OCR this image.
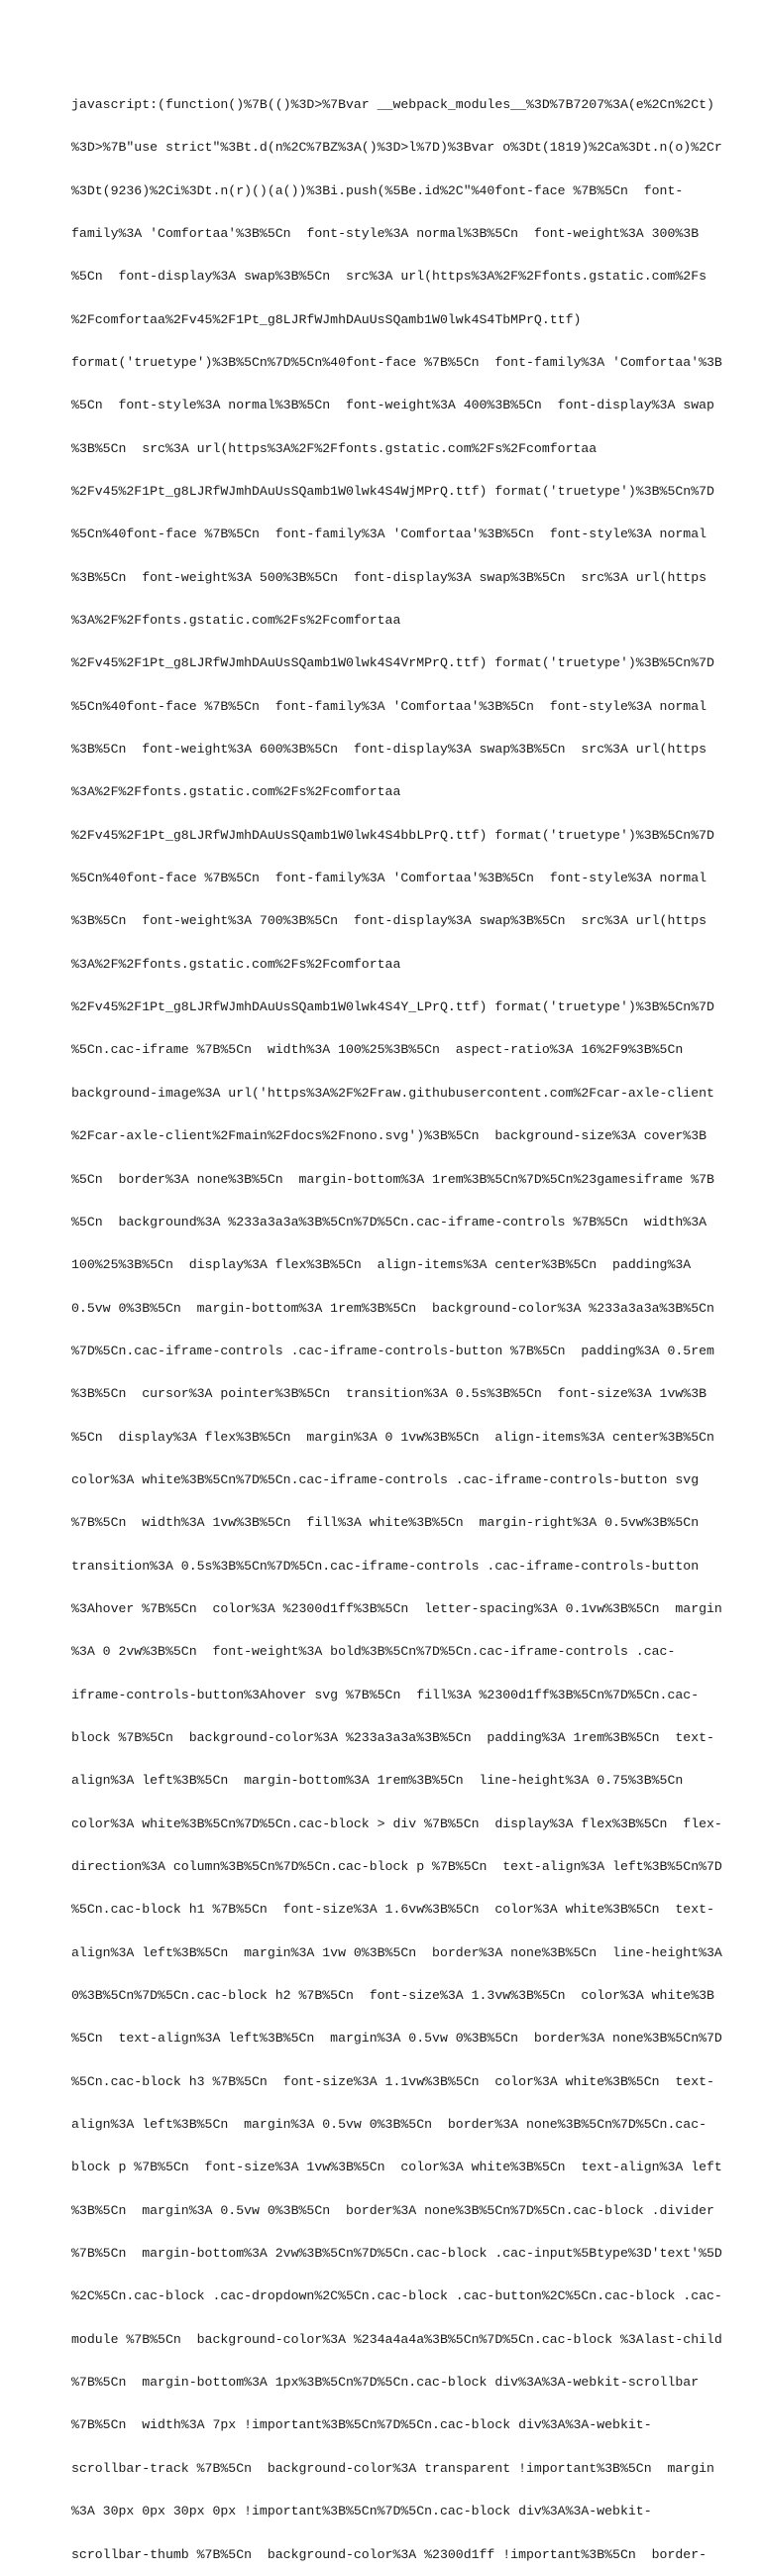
javascript:(function()%7B(()%3D>%7Bvar __webpack_modules__%3D%7B7207%3A(e%2Cn%2Ct)

%3D>%7B"use strict"%3Bt.d(n%2C%7BZ%3A()%3D>l%7D)%3Bvar o%3Dt(1819)%2Ca%3Dt.n(o)%2Cr

%3Dt(9236)%2Ci%3Dt.n(r)()(a())%3Bi.push(%5Be.id%2C"%40font-face %7B%5Cn  font-

family%3A 'Comfortaa'%3B%5Cn  font-style%3A normal%3B%5Cn  font-weight%3A 300%3B

%5Cn  font-display%3A swap%3B%5Cn  src%3A url(https%3A%2F%2Ffonts.gstatic.com%2Fs

%2Fcomfortaa%2Fv45%2F1Pt_g8LJRfWJmhDAuUsSQamb1W0lwk4S4TbMPrQ.ttf)

format('truetype')%3B%5Cn%7D%5Cn%40font-face %7B%5Cn  font-family%3A 'Comfortaa'%3B

%5Cn  font-style%3A normal%3B%5Cn  font-weight%3A 400%3B%5Cn  font-display%3A swap

%3B%5Cn  src%3A url(https%3A%2F%2Ffonts.gstatic.com%2Fs%2Fcomfortaa

%2Fv45%2F1Pt_g8LJRfWJmhDAuUsSQamb1W0lwk4S4WjMPrQ.ttf) format('truetype')%3B%5Cn%7D

%5Cn%40font-face %7B%5Cn  font-family%3A 'Comfortaa'%3B%5Cn  font-style%3A normal

%3B%5Cn  font-weight%3A 500%3B%5Cn  font-display%3A swap%3B%5Cn  src%3A url(https

%3A%2F%2Ffonts.gstatic.com%2Fs%2Fcomfortaa

%2Fv45%2F1Pt_g8LJRfWJmhDAuUsSQamb1W0lwk4S4VrMPrQ.ttf) format('truetype')%3B%5Cn%7D

%5Cn%40font-face %7B%5Cn  font-family%3A 'Comfortaa'%3B%5Cn  font-style%3A normal

%3B%5Cn  font-weight%3A 600%3B%5Cn  font-display%3A swap%3B%5Cn  src%3A url(https

%3A%2F%2Ffonts.gstatic.com%2Fs%2Fcomfortaa

%2Fv45%2F1Pt_g8LJRfWJmhDAuUsSQamb1W0lwk4S4bbLPrQ.ttf) format('truetype')%3B%5Cn%7D

%5Cn%40font-face %7B%5Cn  font-family%3A 'Comfortaa'%3B%5Cn  font-style%3A normal

%3B%5Cn  font-weight%3A 700%3B%5Cn  font-display%3A swap%3B%5Cn  src%3A url(https

%3A%2F%2Ffonts.gstatic.com%2Fs%2Fcomfortaa

%2Fv45%2F1Pt_g8LJRfWJmhDAuUsSQamb1W0lwk4S4Y_LPrQ.ttf) format('truetype')%3B%5Cn%7D

%5Cn.cac-iframe %7B%5Cn  width%3A 100%25%3B%5Cn  aspect-ratio%3A 16%2F9%3B%5Cn

background-image%3A url('https%3A%2F%2Fraw.githubusercontent.com%2Fcar-axle-client

%2Fcar-axle-client%2Fmain%2Fdocs%2Fnono.svg')%3B%5Cn  background-size%3A cover%3B

%5Cn  border%3A none%3B%5Cn  margin-bottom%3A 1rem%3B%5Cn%7D%5Cn%23gamesiframe %7B

%5Cn  background%3A %233a3a3a%3B%5Cn%7D%5Cn.cac-iframe-controls %7B%5Cn  width%3A

100%25%3B%5Cn  display%3A flex%3B%5Cn  align-items%3A center%3B%5Cn  padding%3A

0.5vw 0%3B%5Cn  margin-bottom%3A 1rem%3B%5Cn  background-color%3A %233a3a3a%3B%5Cn

%7D%5Cn.cac-iframe-controls .cac-iframe-controls-button %7B%5Cn  padding%3A 0.5rem

%3B%5Cn  cursor%3A pointer%3B%5Cn  transition%3A 0.5s%3B%5Cn  font-size%3A 1vw%3B

%5Cn  display%3A flex%3B%5Cn  margin%3A 0 1vw%3B%5Cn  align-items%3A center%3B%5Cn

color%3A white%3B%5Cn%7D%5Cn.cac-iframe-controls .cac-iframe-controls-button svg

%7B%5Cn  width%3A 1vw%3B%5Cn  fill%3A white%3B%5Cn  margin-right%3A 0.5vw%3B%5Cn

transition%3A 0.5s%3B%5Cn%7D%5Cn.cac-iframe-controls .cac-iframe-controls-button

%3Ahover %7B%5Cn  color%3A %2300d1ff%3B%5Cn  letter-spacing%3A 0.1vw%3B%5Cn  margin

%3A 0 2vw%3B%5Cn  font-weight%3A bold%3B%5Cn%7D%5Cn.cac-iframe-controls .cac-

iframe-controls-button%3Ahover svg %7B%5Cn  fill%3A %2300d1ff%3B%5Cn%7D%5Cn.cac-

block %7B%5Cn  background-color%3A %233a3a3a%3B%5Cn  padding%3A 1rem%3B%5Cn  text-

align%3A left%3B%5Cn  margin-bottom%3A 1rem%3B%5Cn  line-height%3A 0.75%3B%5Cn

color%3A white%3B%5Cn%7D%5Cn.cac-block > div %7B%5Cn  display%3A flex%3B%5Cn  flex-

direction%3A column%3B%5Cn%7D%5Cn.cac-block p %7B%5Cn  text-align%3A left%3B%5Cn%7D

%5Cn.cac-block h1 %7B%5Cn  font-size%3A 1.6vw%3B%5Cn  color%3A white%3B%5Cn  text-

align%3A left%3B%5Cn  margin%3A 1vw 0%3B%5Cn  border%3A none%3B%5Cn  line-height%3A

0%3B%5Cn%7D%5Cn.cac-block h2 %7B%5Cn  font-size%3A 1.3vw%3B%5Cn  color%3A white%3B

%5Cn  text-align%3A left%3B%5Cn  margin%3A 0.5vw 0%3B%5Cn  border%3A none%3B%5Cn%7D

%5Cn.cac-block h3 %7B%5Cn  font-size%3A 1.1vw%3B%5Cn  color%3A white%3B%5Cn  text-

align%3A left%3B%5Cn  margin%3A 0.5vw 0%3B%5Cn  border%3A none%3B%5Cn%7D%5Cn.cac-

block p %7B%5Cn  font-size%3A 1vw%3B%5Cn  color%3A white%3B%5Cn  text-align%3A left

%3B%5Cn  margin%3A 0.5vw 0%3B%5Cn  border%3A none%3B%5Cn%7D%5Cn.cac-block .divider

%7B%5Cn  margin-bottom%3A 2vw%3B%5Cn%7D%5Cn.cac-block .cac-input%5Btype%3D'text'%5D

%2C%5Cn.cac-block .cac-dropdown%2C%5Cn.cac-block .cac-button%2C%5Cn.cac-block .cac-

module %7B%5Cn  background-color%3A %234a4a4a%3B%5Cn%7D%5Cn.cac-block %3Alast-child

%7B%5Cn  margin-bottom%3A 1px%3B%5Cn%7D%5Cn.cac-block div%3A%3A-webkit-scrollbar

%7B%5Cn  width%3A 7px !important%3B%5Cn%7D%5Cn.cac-block div%3A%3A-webkit-

scrollbar-track %7B%5Cn  background-color%3A transparent !important%3B%5Cn  margin

%3A 30px 0px 30px 0px !important%3B%5Cn%7D%5Cn.cac-block div%3A%3A-webkit-

scrollbar-thumb %7B%5Cn  background-color%3A %2300d1ff !important%3B%5Cn  border-
